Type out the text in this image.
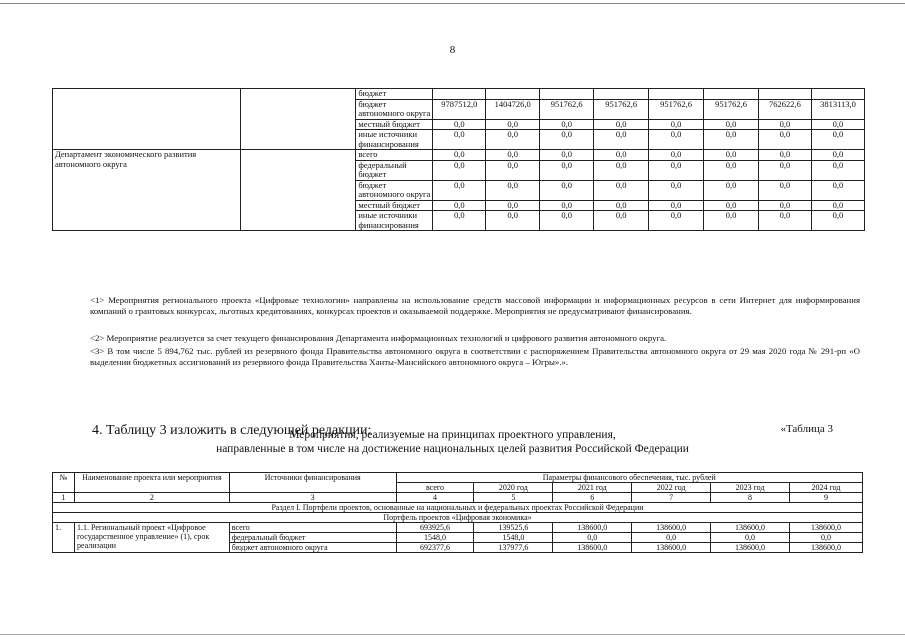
8
		бюджет								
		бюджет автономного округа	9787512,0	1404726,0	951762,6	951762,6	951762,6	951762,6	762622,6	3813113,0
		местный бюджет	0,0	0,0	0,0	0,0	0,0	0,0	0,0	0,0
		иные источники финансирования	0,0	0,0	0,0	0,0	0,0	0,0	0,0	0,0
Департамент экономического развития автономного округа		всего	0,0	0,0	0,0	0,0	0,0	0,0	0,0	0,0
		федеральный бюджет	0,0	0,0	0,0	0,0	0,0	0,0	0,0	0,0
		бюджет автономного округа	0,0	0,0	0,0	0,0	0,0	0,0	0,0	0,0
		местный бюджет	0,0	0,0	0,0	0,0	0,0	0,0	0,0	0,0
		иные источники финансирования	0,0	0,0	0,0	0,0	0,0	0,0	0,0	0,0
<1> Мероприятия регионального проекта «Цифровые технологии» направлены на использование средств массовой информации и информационных ресурсов в сети Интернет для информирования компаний о грантовых конкурсах, льготных кредитованиях, конкурсах проектов и оказываемой поддержке. Мероприятия не предусматривают финансирования.
<2> Мероприятие реализуется за счет текущего финансирования Департамента информационных технологий и цифрового развития автономного округа.
<3> В том числе 5 894,762 тыс. рублей из резервного фонда Правительства автономного округа в соответствии с распоряжением Правительства автономного округа от 29 мая 2020 года № 291-рп «О выделении бюджетных ассигнований из резервного фонда Правительства Ханты-Мансийского автономного округа – Югры».».
4. Таблицу 3 изложить в следующей редакции:	«Таблица 3
Мероприятия, реализуемые на принципах проектного управления,
направленные в том числе на достижение национальных целей развития Российской Федерации
№	Наименование проекта или мероприятия	Источники финансирования	Параметры финансового обеспечения, тыс. рублей					
			всего	2020 год	2021 год	2022 год	2023 год	2024 год
1	2	3	4	5	6	7	8	9
Раздел I. Портфели проектов, основанные на национальных и федеральных проектах Российской Федерации								
Портфель проектов «Цифровая экономика»								
1.	1.1. Региональный проект «Цифровое государственное управление» (1), срок реализации	всего	693925,6	139525,6	138600,0	138600,0	138600,0	138600,0
		федеральный бюджет	1548,0	1548,0	0,0	0,0	0,0	0,0
		бюджет автономного округа	692377,6	137977,6	138600,0	138600,0	138600,0	138600,0
